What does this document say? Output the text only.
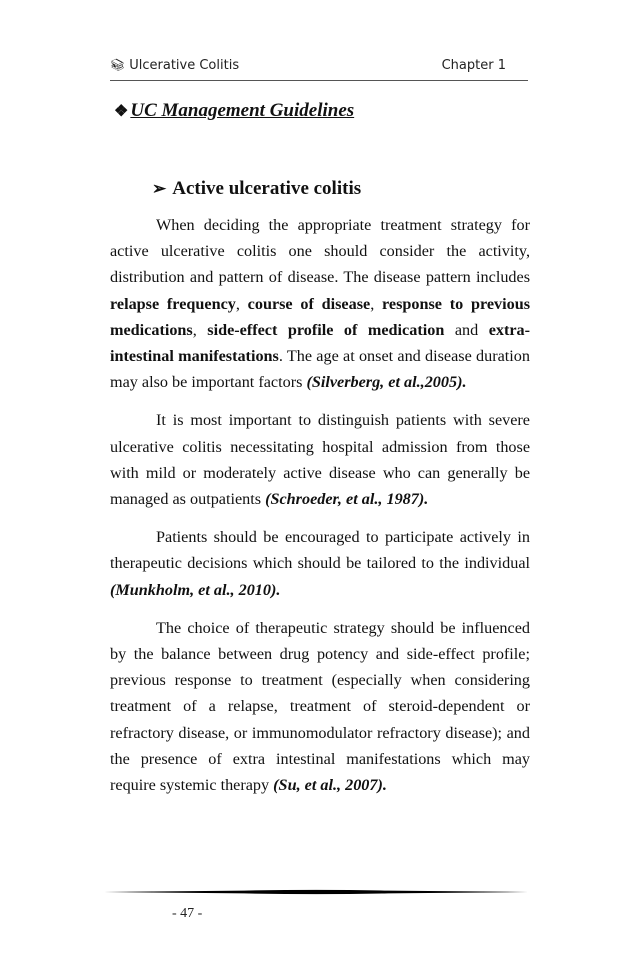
📚︎ Ulcerative Colitis	Chapter 1
❖ UC Management Guidelines
➢ Active ulcerative colitis

When deciding the appropriate treatment strategy for active ulcerative colitis one should consider the activity, distribution and pattern of disease. The disease pattern includes relapse frequency, course of disease, response to previous medications, side-effect profile of medication and extra-intestinal manifestations. The age at onset and disease duration may also be important factors (Silverberg, et al.,2005).

It is most important to distinguish patients with severe ulcerative colitis necessitating hospital admission from those with mild or moderately active disease who can generally be managed as outpatients (Schroeder, et al., 1987).

Patients should be encouraged to participate actively in therapeutic decisions which should be tailored to the individual (Munkholm, et al., 2010).

The choice of therapeutic strategy should be influenced by the balance between drug potency and side-effect profile; previous response to treatment (especially when considering treatment of a relapse, treatment of steroid-dependent or refractory disease, or immunomodulator refractory disease); and the presence of extra intestinal manifestations which may require systemic therapy (Su, et al., 2007).

- 47 -
